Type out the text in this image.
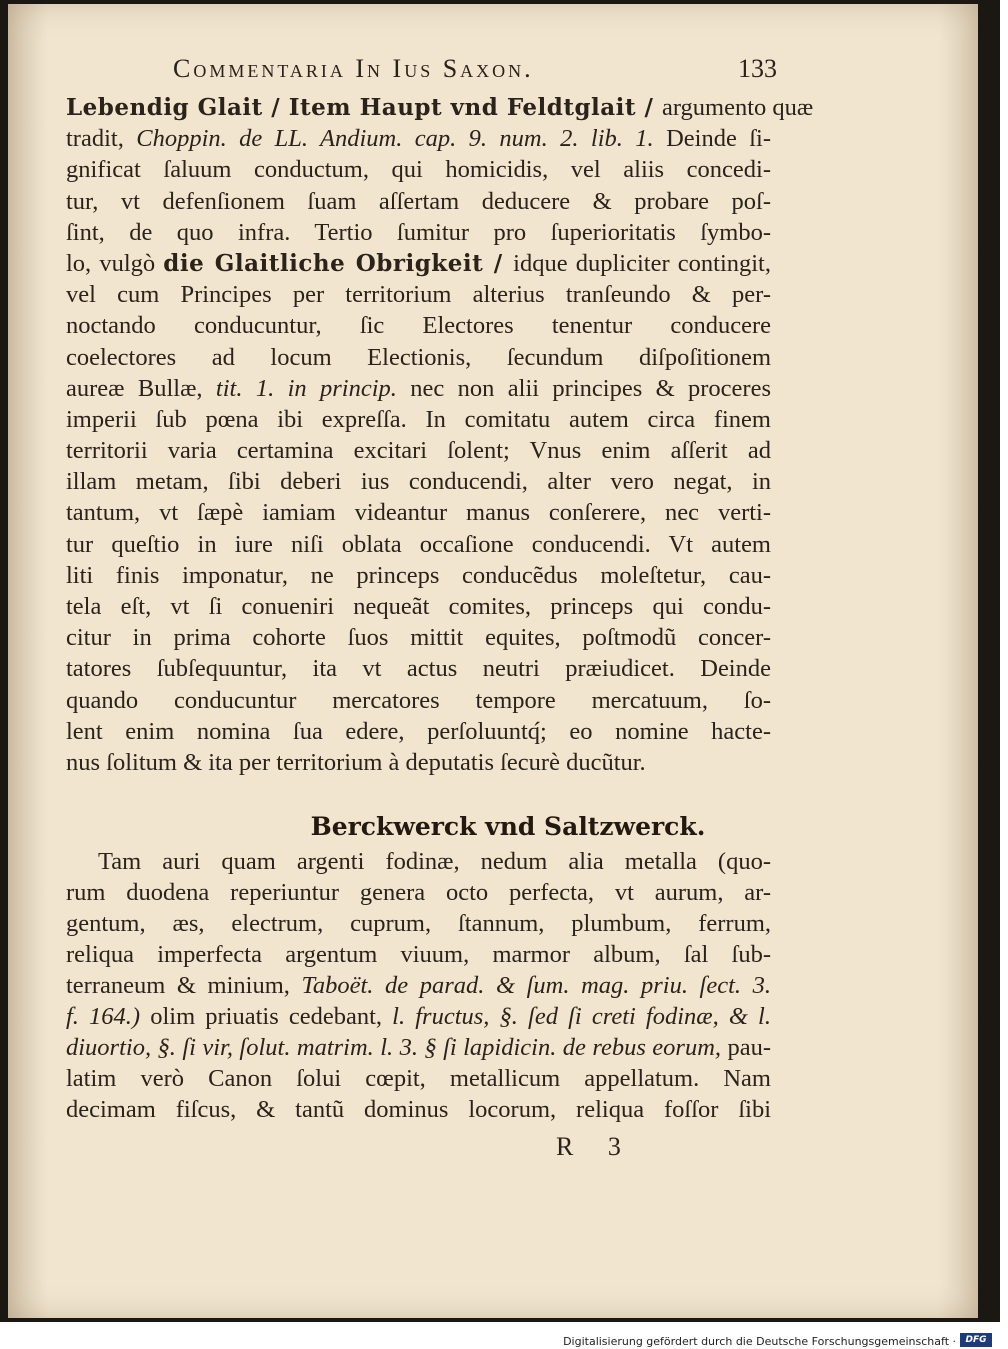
Commentaria In Ius Saxon.	133
Lebendig Glait / Item Haupt vnd Feldtglait / argumento quæ
tradit, Choppin. de LL. Andium. cap. 9. num. 2. lib. 1. Deinde ſi-
gnificat ſaluum conductum, qui homicidis, vel aliis concedi-
tur, vt defenſionem ſuam aſſertam deducere & probare poſ-
ſint, de quo infra. Tertio ſumitur pro ſuperioritatis ſymbo-
lo, vulgò die Glaitliche Obrigkeit / idque dupliciter contingit,
vel cum Principes per territorium alterius tranſeundo & per-
noctando conducuntur, ſic Electores tenentur conducere
coelectores ad locum Electionis, ſecundum diſpoſitionem
aureæ Bullæ, tit. 1. in princip. nec non alii principes & proceres
imperii ſub pœna ibi expreſſa. In comitatu autem circa finem
territorii varia certamina excitari ſolent; Vnus enim aſſerit ad
illam metam, ſibi deberi ius conducendi, alter vero negat, in
tantum, vt ſæpè iamiam videantur manus conſerere, nec verti-
tur queſtio in iure niſi oblata occaſione conducendi. Vt autem
liti finis imponatur, ne princeps conducẽdus moleſtetur, cau-
tela eſt, vt ſi conueniri nequeãt comites, princeps qui condu-
citur in prima cohorte ſuos mittit equites, poſtmodũ concer-
tatores ſubſequuntur, ita vt actus neutri præiudicet. Deinde
quando conducuntur mercatores tempore mercatuum, ſo-
lent enim nomina ſua edere, perſoluuntq́; eo nomine hacte-
nus ſolitum & ita per territorium à deputatis ſecurè ducũtur.
Berckwerck vnd Saltzwerck.
Tam auri quam argenti fodinæ, nedum alia metalla (quo-
rum duodena reperiuntur genera octo perfecta, vt aurum, ar-
gentum, æs, electrum, cuprum, ſtannum, plumbum, ferrum,
reliqua imperfecta argentum viuum, marmor album, ſal ſub-
terraneum & minium, Taboët. de parad. & ſum. mag. priu. ſect. 3.
f. 164.) olim priuatis cedebant, l. fructus, §. ſed ſi creti fodinæ, & l.
diuortio, §. ſi vir, ſolut. matrim. l. 3. § ſi lapidicin. de rebus eorum, pau-
latim verò Canon ſolui cœpit, metallicum appellatum. Nam
decimam fiſcus, & tantũ dominus locorum, reliqua foſſor ſibi
R 3
Digitalisierung gefördert durch die Deutsche Forschungsgemeinschaft ·	DFG
